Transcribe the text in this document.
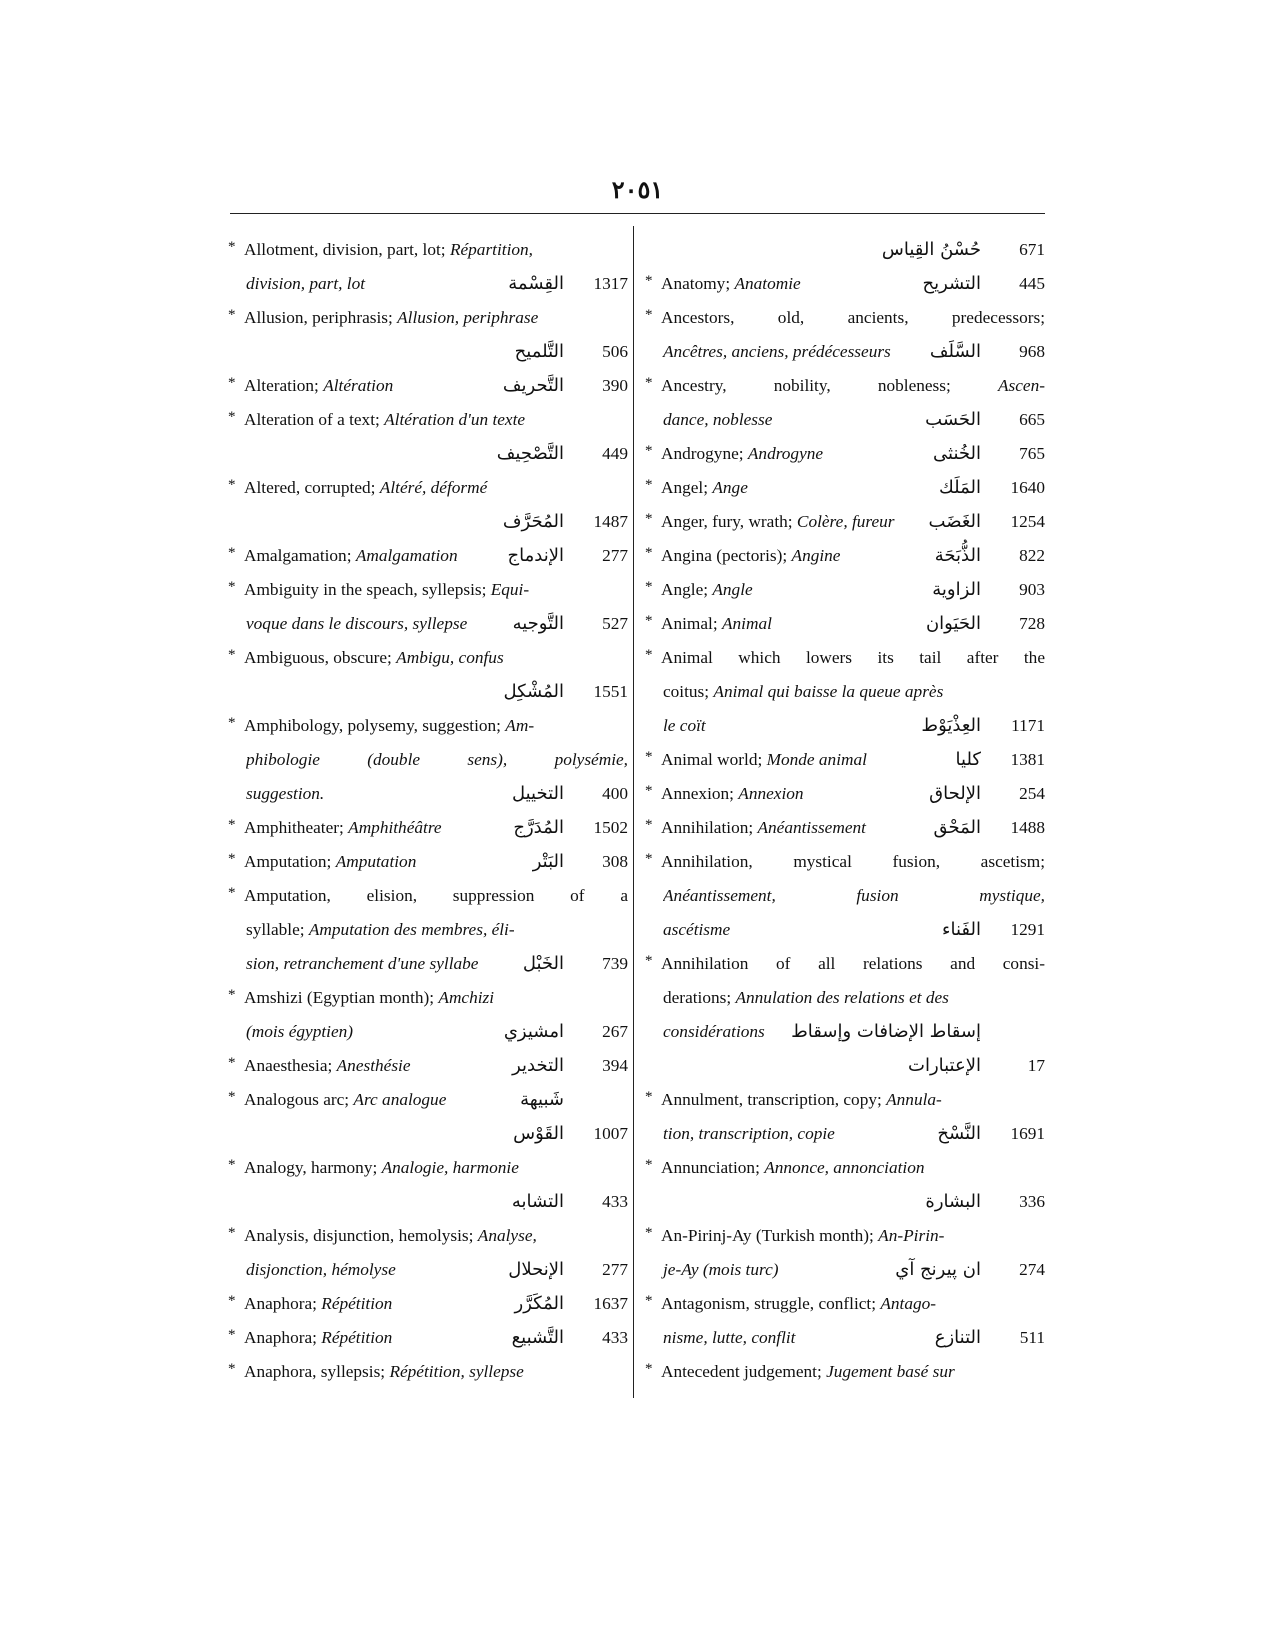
٢٠٥١
* Allotment, division, part, lot; Répartition,
division, part, lot	القِسْمة	1317
* Allusion, periphrasis; Allusion, periphrase
التَّلميح	506
* Alteration; Altération	التَّحريف	390
* Alteration of a text; Altération d'un texte
التَّصْحِيف	449
* Altered, corrupted; Altéré, déformé
المُحَرَّف	1487
* Amalgamation; Amalgamation	الإندماج	277
* Ambiguity in the speach, syllepsis; Equi-
voque dans le discours, sylleps​e	التَّوجيه	527
* Ambiguous, obscure; Ambigu, confus
المُشْكِل	1551
* Amphibology, polysemy, suggestion; Am-
phibologie (double sens), polysémie,
suggestion.	التخييل	400
* Amphitheater; Amphithéâtre	المُدَرَّج	1502
* Amputation; Amputation	البَتْر	308
* Amputation, elision, suppression of a
syllable; Amputation des membres, éli-
sion, retranchement d'une syllabe	الخَبْل	739
* Amshizi (Egyptian month); Amchizi
(mois égyptien)	امشيزي	267
* Anaesthesia; Anesthésie	التخدير	394
* Analogous arc; Arc analogue	شَبيهة
القَوْس	1007
* Analogy, harmony; Analogie, harmonie
التشابه	433
* Analysis, disjunction, hemolysis; Analyse,
disjonction, hémolyse	الإنحلال	277
* Anaphora; Répétition	المُكَرَّر	1637
* Anaphora; Répétition	التَّشبيع	433
* Anaphora, syllepsis; Répétition, syllepse
حُسْنُ القِياس	671
* Anatomy; Anatomie	التشريح	445
* Ancestors, old, ancients, predecessors;
Ancêtres, anciens, prédécesseurs	السَّلَف	968
* Ancestry, nobility, nobleness; Ascen-
dance, noblesse	الحَسَب	665
* Androgyne; Androgyne	الخُنثى	765
* Angel; Ange	المَلَك	1640
* Anger, fury, wrath; Colère, fureur	الغَضَب	1254
* Angina (pectoris); Angine	الذُّبَحَة	822
* Angle; Angle	الزاوية	903
* Animal; Animal	الحَيَوان	728
* Animal which lowers its tail after the
coitus; Animal qui baisse la queue après
le coït	العِذْيَوْط	1171
* Animal world; Monde animal	كليا	1381
* Annexion; Annexion	الإلحاق	254
* Annihilation; Anéantissement	المَحْق	1488
* Annihilation, mystical fusion, ascetism;
Anéantissement, fusion mystique,
ascétisme	الفَناء	1291
* Annihilation of all relations and consi-
derations; Annulation des relations et des
considérations	إسقاط الإضافات وإسقاط
الإعتبارات	17
* Annulment, transcription, copy; Annula-
tion, transcription, copie	النَّسْخ	1691
* Annunciation; Annonce, annonciation
البشارة	336
* An-Pirinj-Ay (Turkish month); An-Pirin-
je-Ay (mois turc)	ان پیرنج آي	274
* Antagonism, struggle, conflict; Antago-
nisme, lutte, conflit	التنازع	511
* Antecedent judgement; Jugement basé sur
